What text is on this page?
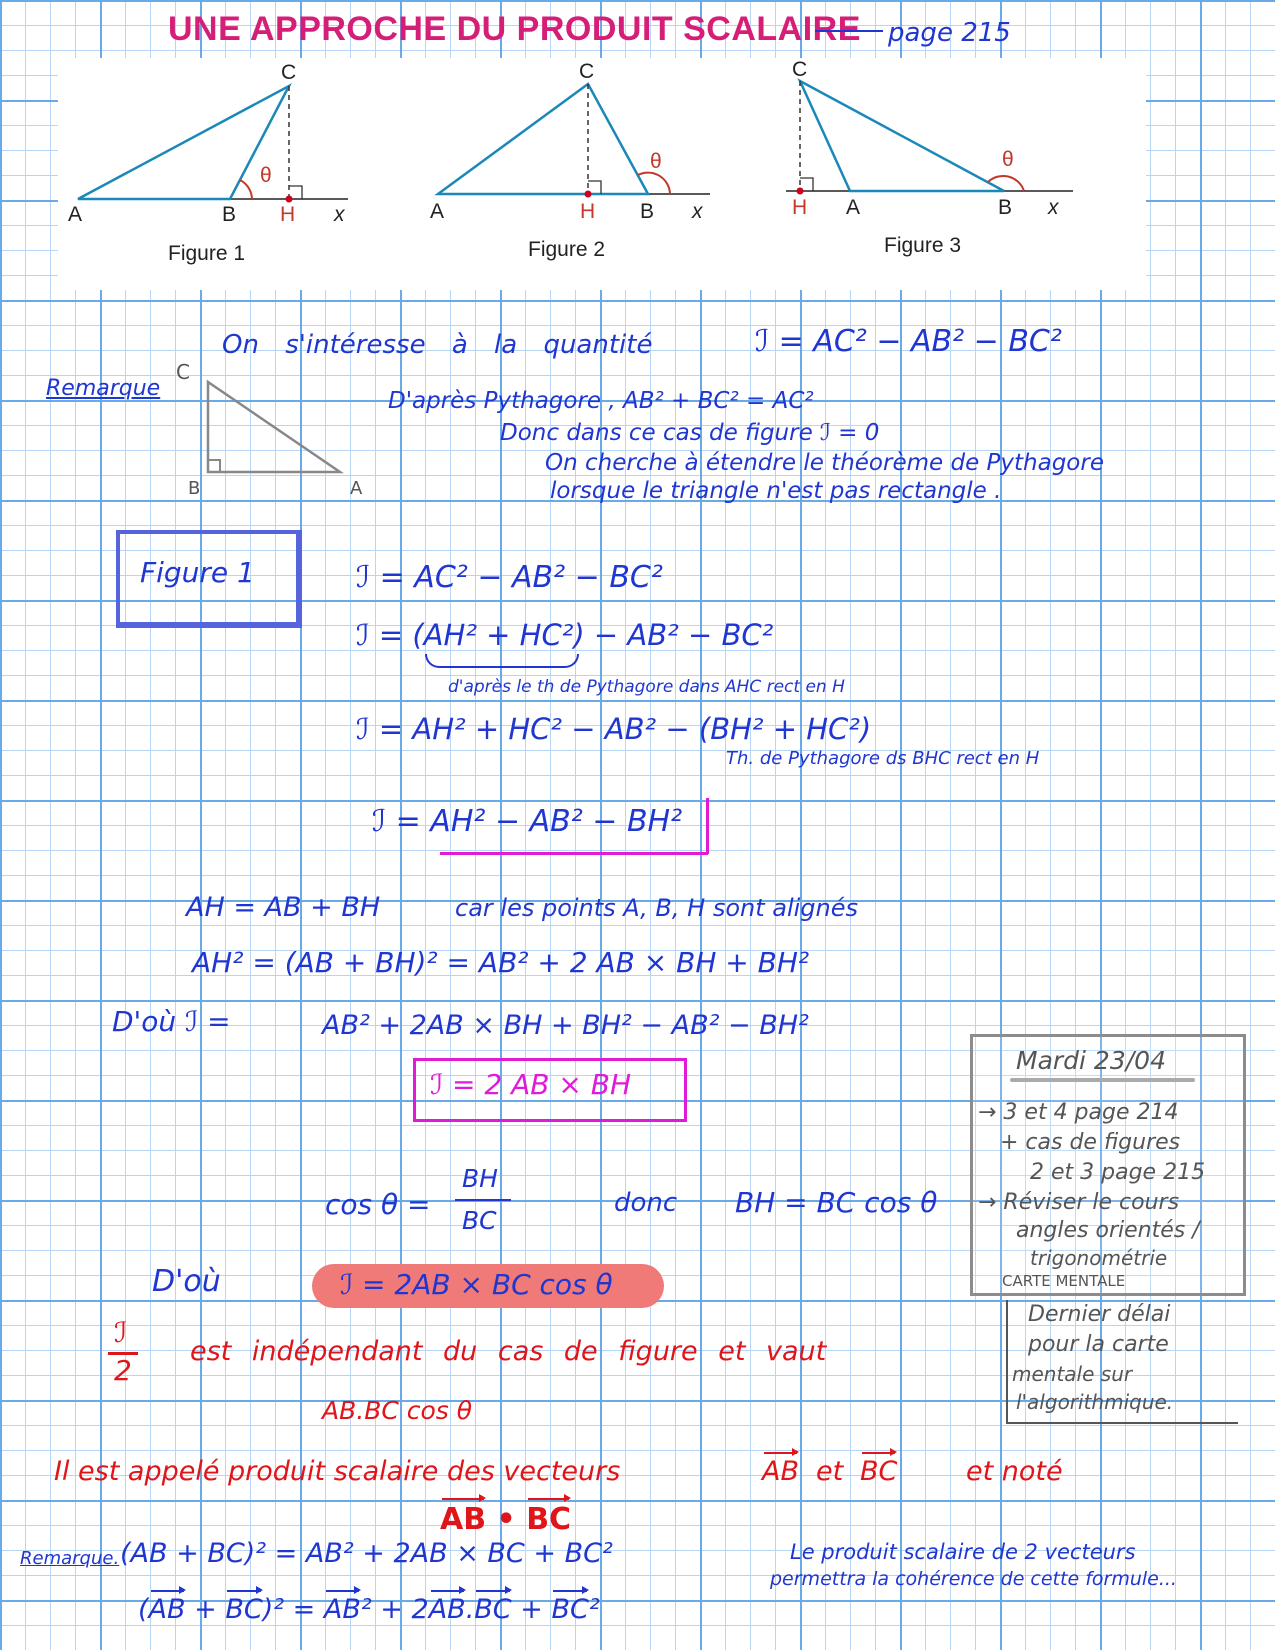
UNE APPROCHE DU PRODUIT SCALAIRE page 215
A	B H
C
x
θ
Figure 1
A	H B
C
x
θ
Figure 2
H A	B
C
x
θ
Figure 3
On s'intéresse à la quantité	ℐ = AC² − AB² − BC²
Remarque
C
B	A
D'après Pythagore , AB² + BC² = AC²
Donc dans ce cas de figure ℐ = 0
On cherche à étendre le théorème de Pythagore
lorsque le triangle n'est pas rectangle .
Figure 1	ℐ = AC² − AB² − BC²
ℐ = (AH² + HC²) − AB² − BC²
d'après le th de Pythagore dans AHC rect en H
ℐ = AH² + HC² − AB² − (BH² + HC²)
Th. de Pythagore ds BHC rect en H
ℐ = AH² − AB² − BH²
AH = AB + BH	car les points A, B, H sont alignés
AH² = (AB + BH)² = AB² + 2 AB × BH + BH²
D'où ℐ =	AB² + 2AB × BH + BH² − AB² − BH²
ℐ = 2 AB × BH
cos θ =
BH
BC
donc BH = BC cos θ
D'où	ℐ = 2AB × BC cos θ
ℐ
2
est indépendant du cas de figure et vaut
AB.BC cos θ
Il est appelé produit scalaire des vecteurs	AB et BC	et noté
AB • BC
Remarque. (AB + BC)² = AB² + 2AB × BC + BC²
(AB + BC)² = AB² + 2AB.BC + BC²
Le produit scalaire de 2 vecteurs
permettra la cohérence de cette formule...
Mardi 23/04
→ 3 et 4 page 214
+ cas de figures
2 et 3 page 215
→ Réviser le cours
angles orientés /
trigonométrie
CARTE MENTALE
Dernier délai
pour la carte
mentale sur
l'algorithmique.
